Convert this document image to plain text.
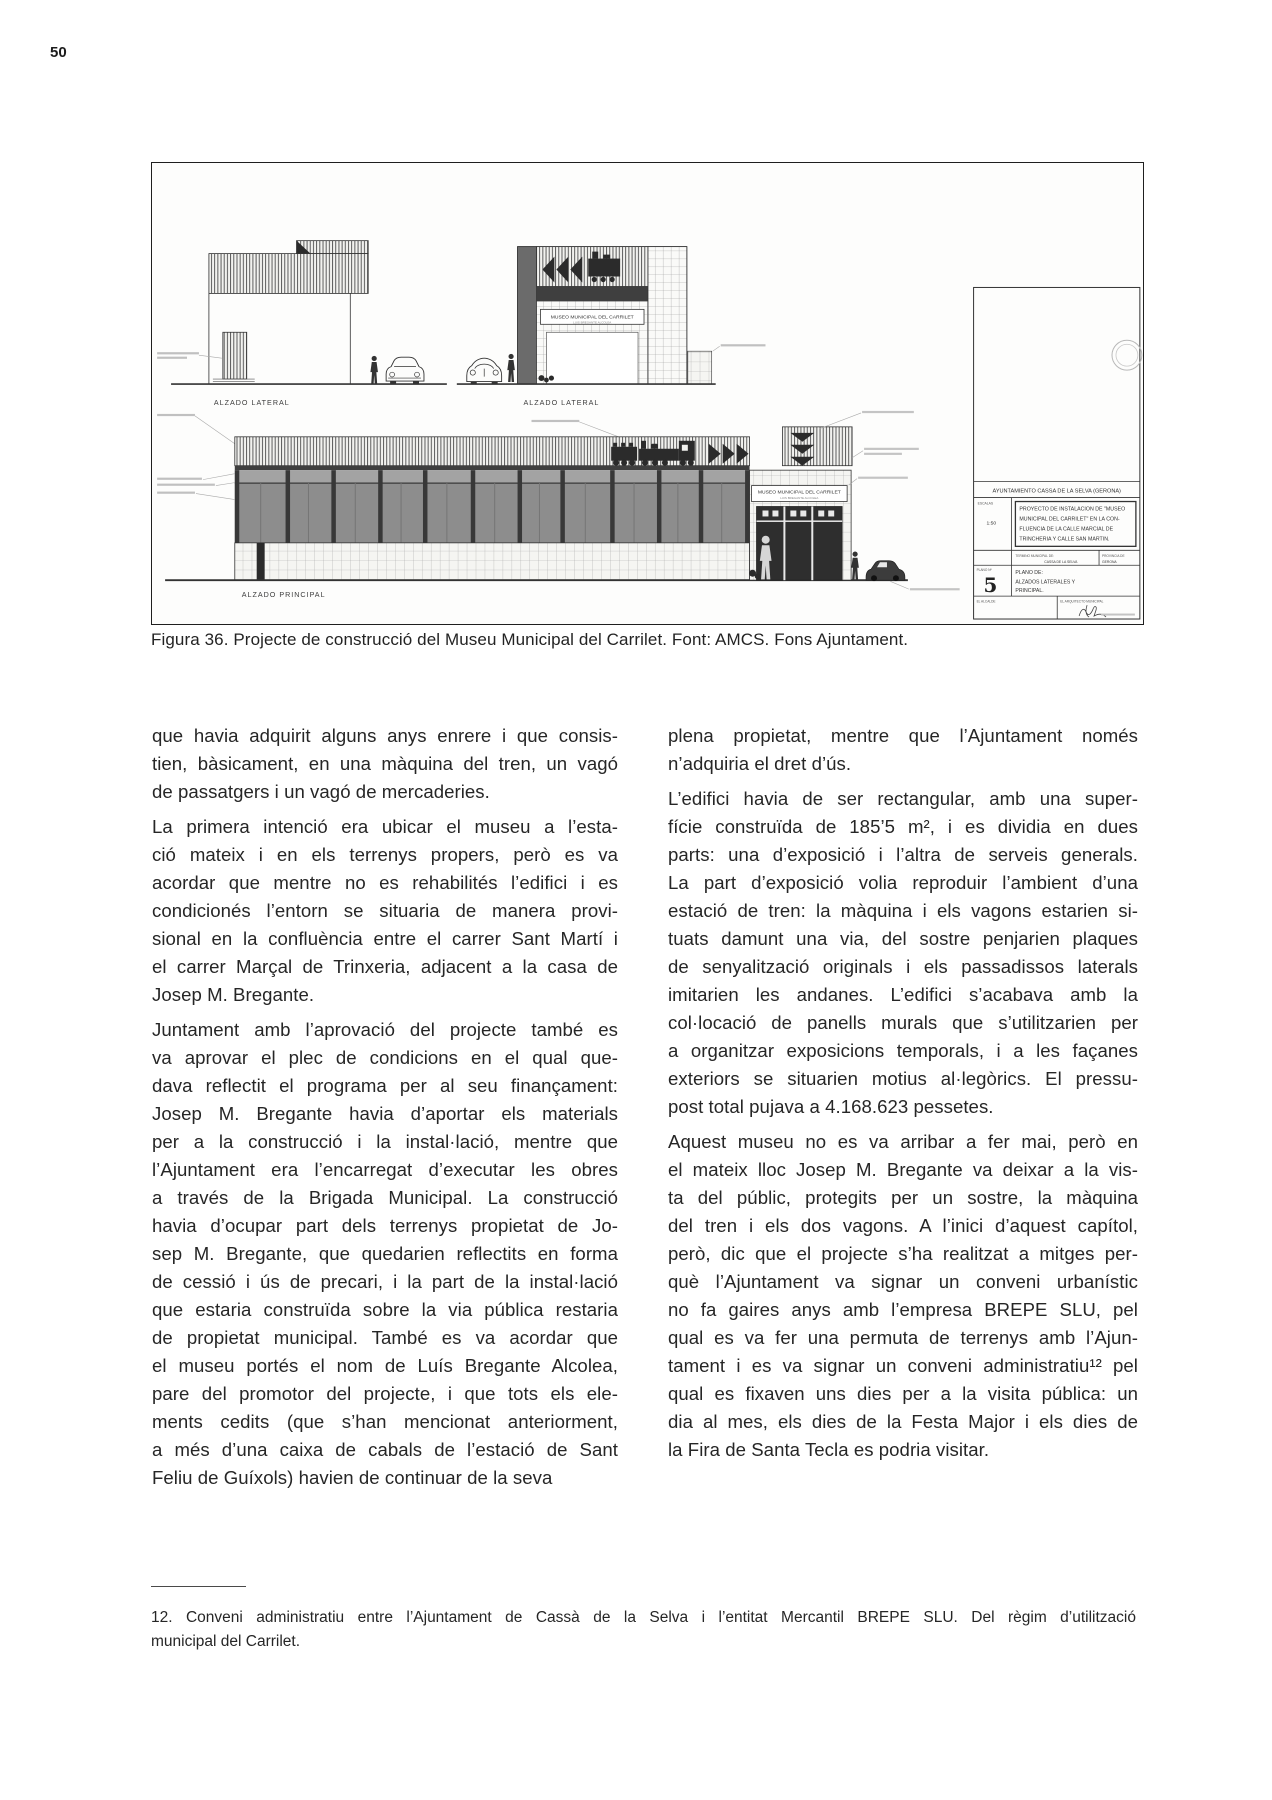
50
ALZADO LATERAL
MUSEO MUNICIPAL DEL CARRILET
LUIS BREGANTE ALCOLEA
ALZADO LATERAL
ALZADO PRINCIPAL
MUSEO MUNICIPAL DEL CARRILET
LUIS BREGANTE ALCOLEA
AYUNTAMIENTO CASSA DE LA SELVA (GERONA)
ESCALAS
1:50
PROYECTO DE INSTALACION DE "MUSEO
MUNICIPAL DEL CARRILET" EN LA CON-
FLUENCIA DE LA CALLE MARCIAL DE
TRINCHERIA Y CALLE SAN MARTIN.
TERMINO MUNICIPAL DE:
CASSA DE LA SELVA
PROVINCIA DE
GERONA
PLANO Nº
5	PLANO DE:
ALZADOS LATERALES Y
PRINCIPAL.
EL ALCALDE	EL ARQUITECTO MUNICIPAL
Figura 36. Projecte de construcció del Museu Municipal del Carrilet. Font: AMCS. Fons Ajuntament.
que havia adquirit alguns anys enrere i que consis-
tien, bàsicament, en una màquina del tren, un vagó
de passatgers i un vagó de mercaderies.
La primera intenció era ubicar el museu a l’esta-
ció mateix i en els terrenys propers, però es va
acordar que mentre no es rehabilités l’edifici i es
condicionés l’entorn se situaria de manera provi-
sional en la confluència entre el carrer Sant Martí i
el carrer Marçal de Trinxeria, adjacent a la casa de
Josep M. Bregante.
Juntament amb l’aprovació del projecte també es
va aprovar el plec de condicions en el qual que-
dava reflectit el programa per al seu finançament:
Josep M. Bregante havia d’aportar els materials
per a la construcció i la instal·lació, mentre que
l’Ajuntament era l’encarregat d’executar les obres
a través de la Brigada Municipal. La construcció
havia d’ocupar part dels terrenys propietat de Jo-
sep M. Bregante, que quedarien reflectits en forma
de cessió i ús de precari, i la part de la instal·lació
que estaria construïda sobre la via pública restaria
de propietat municipal. També es va acordar que
el museu portés el nom de Luís Bregante Alcolea,
pare del promotor del projecte, i que tots els ele-
ments cedits (que s’han mencionat anteriorment,
a més d’una caixa de cabals de l’estació de Sant
Feliu de Guíxols) havien de continuar de la seva
plena propietat, mentre que l’Ajuntament només
n’adquiria el dret d’ús.
L’edifici havia de ser rectangular, amb una super-
fície construïda de 185’5 m², i es dividia en dues
parts: una d’exposició i l’altra de serveis generals.
La part d’exposició volia reproduir l’ambient d’una
estació de tren: la màquina i els vagons estarien si-
tuats damunt una via, del sostre penjarien plaques
de senyalització originals i els passadissos laterals
imitarien les andanes. L’edifici s’acabava amb la
col·locació de panells murals que s’utilitzarien per
a organitzar exposicions temporals, i a les façanes
exteriors se situarien motius al·legòrics. El pressu-
post total pujava a 4.168.623 pessetes.
Aquest museu no es va arribar a fer mai, però en
el mateix lloc Josep M. Bregante va deixar a la vis-
ta del públic, protegits per un sostre, la màquina
del tren i els dos vagons. A l’inici d’aquest capítol,
però, dic que el projecte s’ha realitzat a mitges per-
què l’Ajuntament va signar un conveni urbanístic
no fa gaires anys amb l’empresa BREPE SLU, pel
qual es va fer una permuta de terrenys amb l’Ajun-
tament i es va signar un conveni administratiu¹² pel
qual es fixaven uns dies per a la visita pública: un
dia al mes, els dies de la Festa Major i els dies de
la Fira de Santa Tecla es podria visitar.
12. Conveni administratiu entre l’Ajuntament de Cassà de la Selva i l’entitat Mercantil BREPE SLU. Del règim d’utilització
municipal del Carrilet.
